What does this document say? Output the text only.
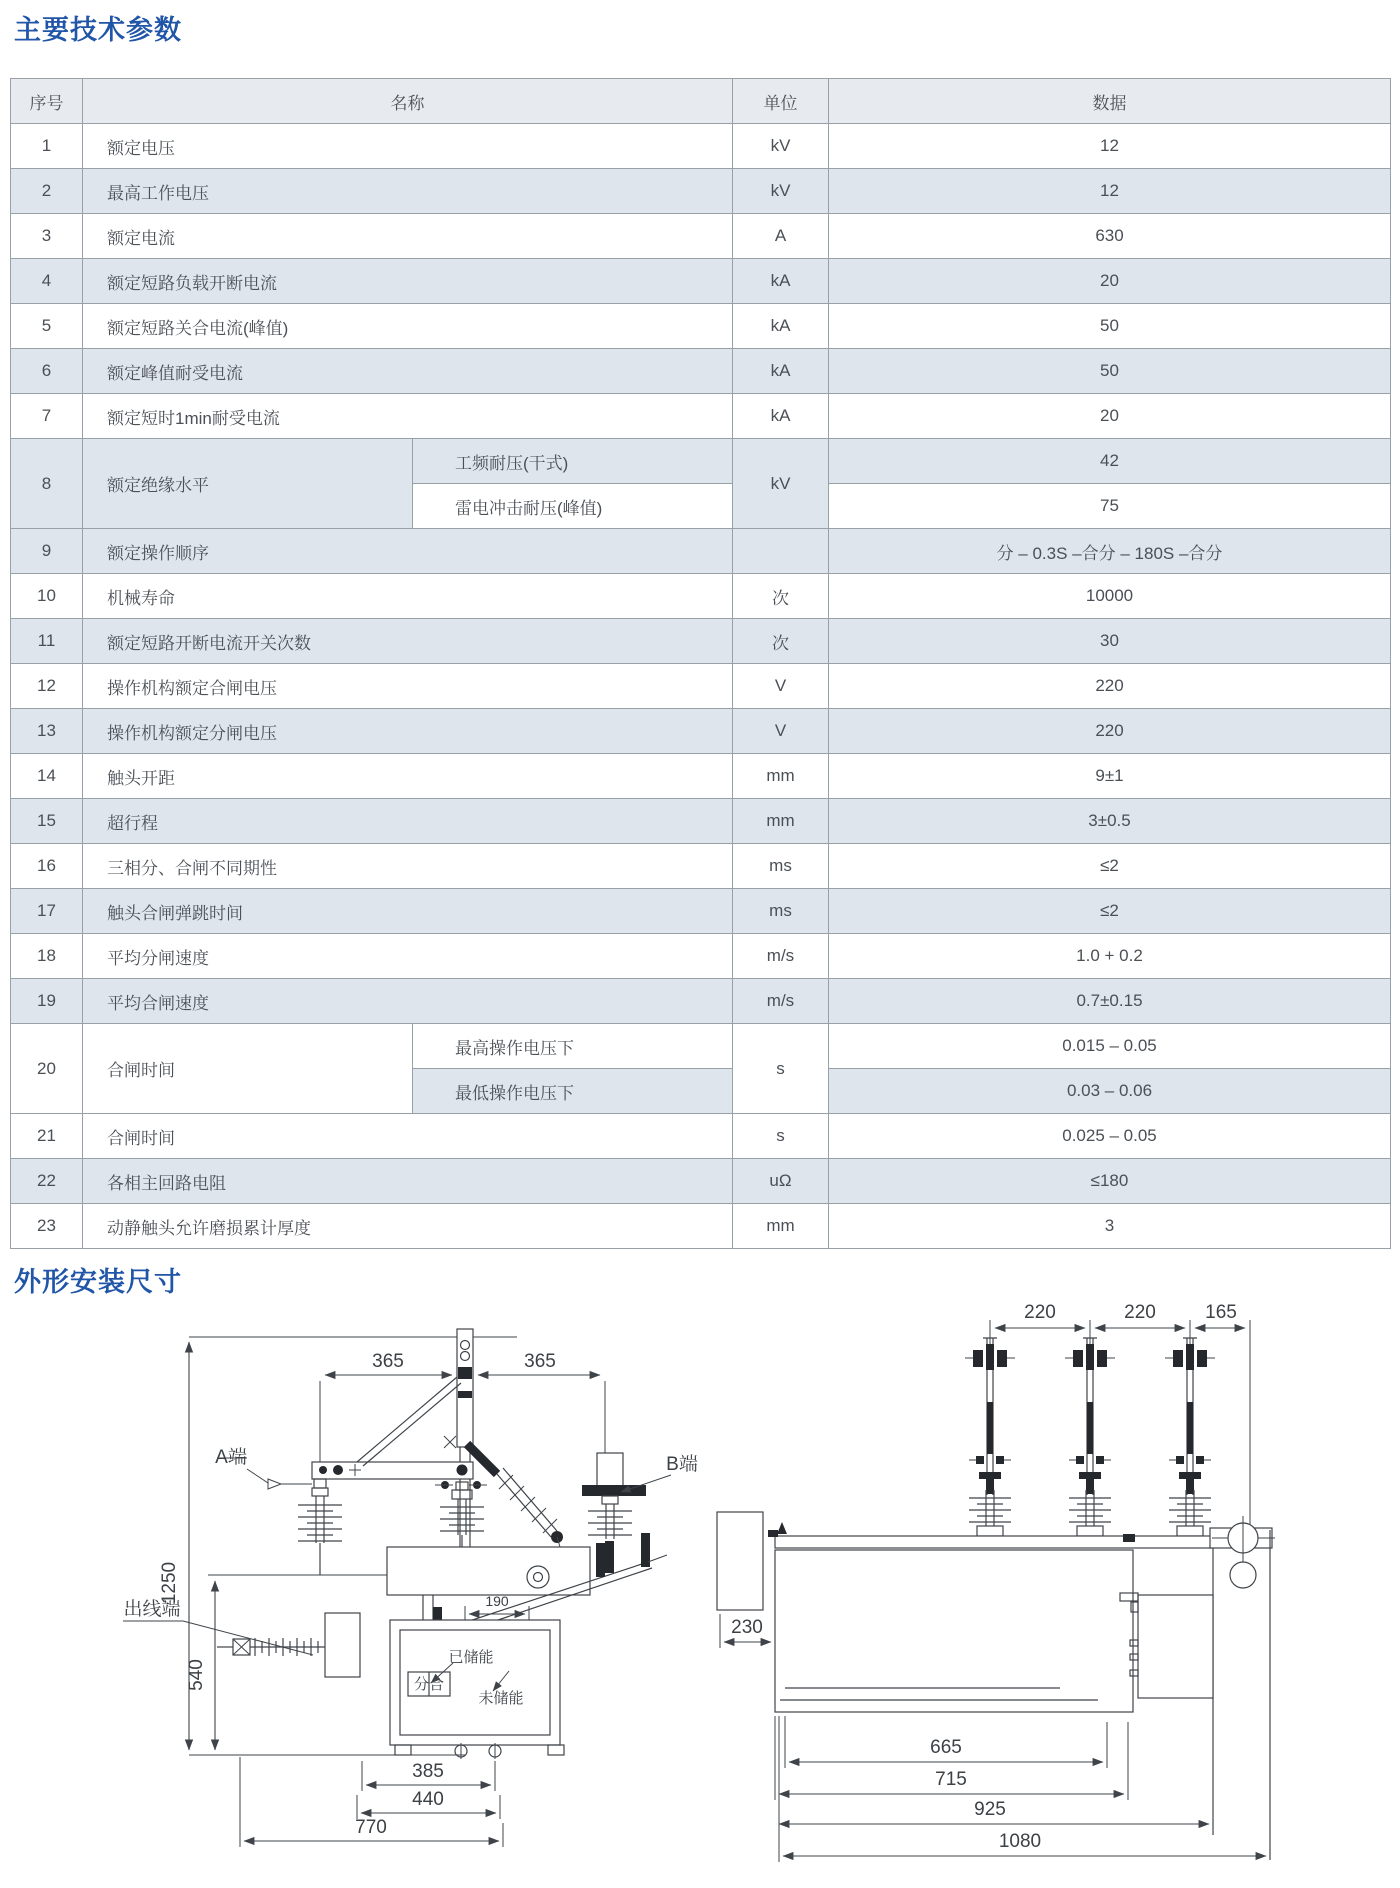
主要技术参数
序号	名称		单位	数据
1	额定电压		kV	12
2	最高工作电压		kV	12
3	额定电流		A	630
4	额定短路负载开断电流		kA	20
5	额定短路关合电流(峰值)		kA	50
6	额定峰值耐受电流		kA	50
7	额定短时1min耐受电流		kA	20
8	额定绝缘水平	工频耐压(干式)	kV	42
		雷电冲击耐压(峰值)		75
9	额定操作顺序			分 – 0.3S –合分 – 180S –合分
10	机械寿命		次	10000
11	额定短路开断电流开关次数		次	30
12	操作机构额定合闸电压		V	220
13	操作机构额定分闸电压		V	220
14	触头开距		mm	9±1
15	超行程		mm	3±0.5
16	三相分、合闸不同期性		ms	≤2
17	触头合闸弹跳时间		ms	≤2
18	平均分闸速度		m/s	1.0 + 0.2
19	平均合闸速度		m/s	0.7±0.15
20	合闸时间	最高操作电压下	s	0.015 – 0.05
		最低操作电压下		0.03 – 0.06
21	合闸时间		s	0.025 – 0.05
22	各相主回路电阻		uΩ	≤180
23	动静触头允许磨损累计厚度		mm	3
外形安装尺寸
1250
540
365	365
A端	B端
出线端	190
分合
已储能
未储能
385
440
770
220	220	165
230
665
715
925
1080
